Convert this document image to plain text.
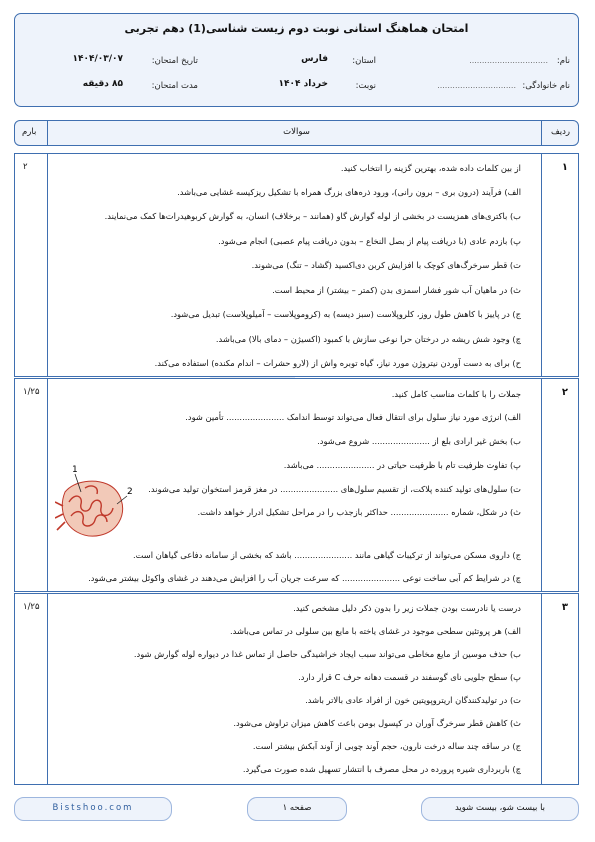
امتحان هماهنگ استانی نوبت دوم زیست شناسی(1) دهم تجربی
نام:
...............................
نام خانوادگی:
...............................
استان:
فارس
نوبت:
خرداد ۱۴۰۴
تاریخ امتحان:
۱۴۰۴/۰۳/۰۷
مدت امتحان:
۸۵ دقیقه
ردیف
سوالات
بارم
۱
۲	از بین کلمات داده شده، بهترین گزینه را انتخاب کنید.
الف) فرآیند (درون بری – برون رانی)، ورود ذره‌های بزرگ همراه با تشکیل ریزکیسه غشایی می‌باشد.
ب) باکتری‌های همزیست در بخشی از لوله گوارش گاو (همانند – برخلاف) انسان، به گوارش کربوهیدرات‌ها کمک می‌نمایند.
پ) بازدم عادی (با دریافت پیام از بصل النخاع – بدون دریافت پیام عصبی) انجام می‌شود.
ت) قطر سرخرگ‌های کوچک با افزایش کربن دی‌اکسید (گشاد – تنگ) می‌شوند.
ث) در ماهیان آب شور فشار اسمزی بدن (کمتر – بیشتر) از محیط است.
ج) در پاییز با کاهش طول روز، کلروپلاست (سبز دیسه) به (کروموپلاست – آمیلوپلاست) تبدیل می‌شود.
چ) وجود شش ریشه در درختان حرا نوعی سازش با کمبود (اکسیژن – دمای بالا) می‌باشد.
ح) برای به دست آوردن نیتروژن مورد نیاز، گیاه توبره واش از (لارو حشرات – اندام مکنده) استفاده می‌کند.
۲
۱/۲۵	جملات را با کلمات مناسب کامل کنید.
الف) انرژی مورد نیاز سلول برای انتقال فعال می‌تواند توسط اندامک ...................... تأمین شود.
ب) بخش غیر ارادی بلع از ...................... شروع می‌شود.
پ) تفاوت ظرفیت تام با ظرفیت حیاتی در ...................... می‌باشد.
ت) سلول‌های تولید کننده پلاکت، از تقسیم سلول‌های ...................... در مغز قرمز استخوان تولید می‌شوند.
ث) در شکل، شماره ...................... حداکثر بازجذب را در مراحل تشکیل ادرار خواهد داشت.
ج) داروی مسکن می‌تواند از ترکیبات گیاهی مانند ...................... باشد که بخشی از سامانه دفاعی گیاهان است.
چ) در شرایط کم آبی ساخت نوعی ...................... که سرعت جریان آب را افزایش می‌دهند در غشای واکوئل بیشتر می‌شود.
1
2
۳
۱/۲۵	درست یا نادرست بودن جملات زیر را بدون ذکر دلیل مشخص کنید.
الف) هر پروتئین سطحی موجود در غشای یاخته با مایع بین سلولی در تماس می‌باشد.
ب) حذف موسین از مایع مخاطی می‌تواند سبب ایجاد خراشیدگی حاصل از تماس غذا در دیواره لوله گوارش شود.
پ) سطح جلویی نای گوسفند در قسمت دهانه حرف C قرار دارد.
ت) در تولیدکنندگان اریتروپویتین خون از افراد عادی بالاتر باشد.
ث) کاهش قطر سرخرگ آوران در کپسول بومن باعث کاهش میزان تراوش می‌شود.
ج) در ساقه چند ساله درخت نارون، حجم آوند چوبی از آوند آبکش بیشتر است.
چ) باربرداری شیره پرورده در محل مصرف با انتشار تسهیل شده صورت می‌گیرد.
Bistshoo.com	صفحه ۱	با بیست شو، بیست شوید
